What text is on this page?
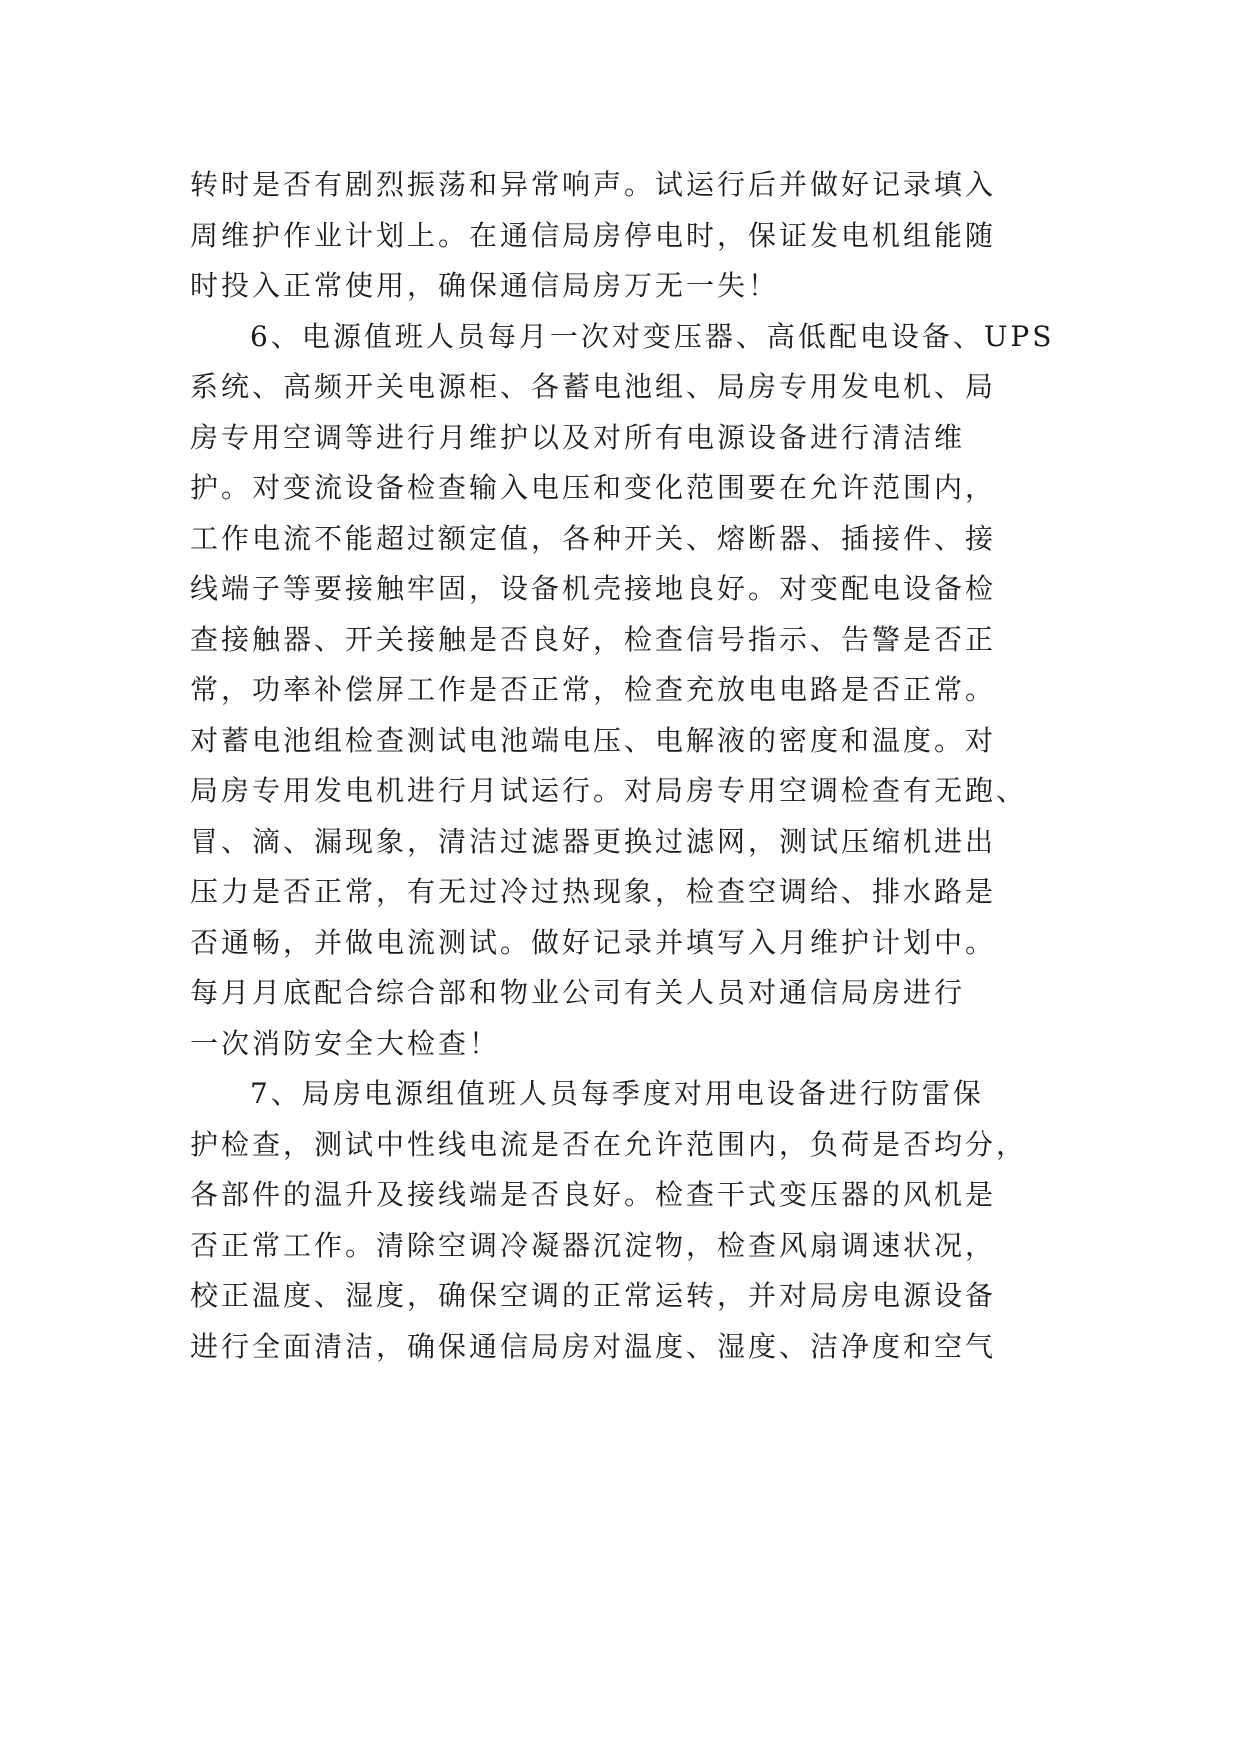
转时是否有剧烈振荡和异常响声。试运行后并做好记录填入
周维护作业计划上。在通信局房停电时，保证发电机组能随
时投入正常使用，确保通信局房万无一失！
6、电源值班人员每月一次对变压器、高低配电设备、UPS
系统、高频开关电源柜、各蓄电池组、局房专用发电机、局
房专用空调等进行月维护以及对所有电源设备进行清洁维
护。对变流设备检查输入电压和变化范围要在允许范围内，
工作电流不能超过额定值，各种开关、熔断器、插接件、接
线端子等要接触牢固，设备机壳接地良好。对变配电设备检
查接触器、开关接触是否良好，检查信号指示、告警是否正
常，功率补偿屏工作是否正常，检查充放电电路是否正常。
对蓄电池组检查测试电池端电压、电解液的密度和温度。对
局房专用发电机进行月试运行。对局房专用空调检查有无跑、
冒、滴、漏现象，清洁过滤器更换过滤网，测试压缩机进出
压力是否正常，有无过冷过热现象，检查空调给、排水路是
否通畅，并做电流测试。做好记录并填写入月维护计划中。
每月月底配合综合部和物业公司有关人员对通信局房进行
一次消防安全大检查！
7、局房电源组值班人员每季度对用电设备进行防雷保
护检查，测试中性线电流是否在允许范围内，负荷是否均分，
各部件的温升及接线端是否良好。检查干式变压器的风机是
否正常工作。清除空调冷凝器沉淀物，检查风扇调速状况，
校正温度、湿度，确保空调的正常运转，并对局房电源设备
进行全面清洁，确保通信局房对温度、湿度、洁净度和空气
